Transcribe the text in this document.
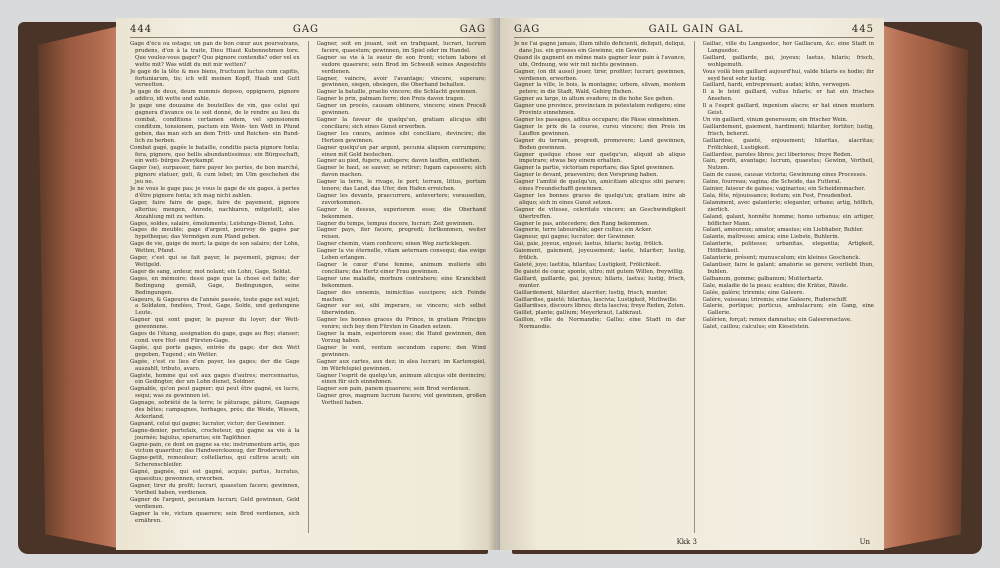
444	GAG	GAG

Gage d'écu ou ostage; un pan de bon cœur aux poursuivans, prudens, d'on à la traite, Dieu Hiaut Kubennehmen tore. Que voulez-vous gager? Quo pignore contendis? oder vel ex wette mit? Was wildt du mit mir wetten?

Je gage de la tête & mes biens, fructuum luctus cum capitis, fortuniarum, tis; ich will meinen Kopff, Haab und Gutt verwetten.

Je gage de deux, deum nummis deposo, oppignero, pignore addico, idi wette und zahle.

Je gage une douzaine de bouteilles de vin, que celui qui gagnera d'avance ou le soit donné, de le rendre au lieu du combat, conditions certamen edem, vel sponsionem conditum, tonsionem, pactum ein Wein- ten Wett in Pfund geben, das man sich an dem Tritt- und Reichen- ein Rund- lich zu herben.

Combat gagé, gagée le bataille, conditio pacta pignore fonta; fera, pignore, quo bellis abundantissimus; ein Bürgsschaft, ein wett- bürges Zweykampf.

Gager (se), surpasser, faire payer les pertes, de bon marché, pignore statuer, guti, & cum lebet; im Ulm geschehen die jeu ne.

Je ne vous le gage pas; je vous le gage de six gages, à pertes d'être pignore fonta; ich mag nicht zahlen.

Gager, faire faire de gage, faire de payement, pignore alterius; mengen, Anrede, nachbaren, mitgeteilt, also Anzahlung mit zu wetten.

Gages, soldes, salaire, émoluments; Leistungs-Dienst, Lohn.

Gages de meuble; gage d'argent, pourvoy de gages par hypotheque; das Vermögen zum Pfand geben.

Gage de vie, gaige de mort; la gaige de son salaire; der Lohn, Wetten, Pfand.

Gager, c'est qui se fait payer, le payement, pignus; der Wettgeld.

Gager de sang, ardeur, mot nolant; ein Lohn, Gage, Soldat.

Gages, en mémoire; dessi gage que la chose est faite; der Bedingung gemäß, Gage, Bedingungen, seine Bedingungen.

Gageurs, & Gageures de l'année passée, toute gage est sujet; a Soldaten, fondées, Trost, Gage, Solde, und gedungene Leute.

Gagner qui sont gager, le payeur du loyer; der Wett- gewonnene.

Gages de l'étang, assignation du gage, gage au Roy; stanser; cond. vere Hof- und Fürsten-Gage.

Gagée, qui porte gages, entrée du gage; der den Wett gegeben, Tugend ; ein Wetter.

Gagée, c'est ce lieu d'en payer, les gages; der die Gage auszahlt, tributo, avaro.

Gagiste, homme qui est aux gages d'autres; mercennarius, ein Gedingter, der um Lohn dienet, Soldner.

Gagnable, qu'on peut gagner; qui peut être gagné, ex lucro, sequi; was zu gewinnen ist.

Gagnage, sobriété de la terre; le pâturage, pâture, Gagnage des bêtes; campagnes, herbages, prés; die Weide, Wiesen, Ackerland.

Gagnant, celui qui gagne; lucrator, victor; der Gewinner.

Gagne-denier, portefaix, crocheteur, qui gagne sa vie à la journée; bajulus, operarius; ein Taglöhner.

Gagne-pain, ce dont on gagne sa vie; instrumentum artis, quo victum quaeritur; das Handwerckszeug, der Broderwerb.

Gagne-petit, remouleur; coltellarius, qui cultros acuit; ein Scherenschleifer.

Gagné, gagnée, qui est gagné, acquis; partus, lucratus, quaesitus; gewonnen, erworben.

Gagner, tirer du profit; lucrari, quaestum facere; gewinnen, Vortheil haben, verdienen.

Gagner de l'argent, pecuniam lucrari; Geld gewinnen, Geld verdienen.

Gagner la vie, victum quaerere; sein Brod verdienen, sich ernähren.

Gagner, soit en jouant, soit en trafiquant, lucrari, lucrum facere, quaestum; gewinnen, im Spiel oder im Handel.

Gagner sa vie à la sueur de son front; victum labore et sudore quaerere; sein Brod im Schweiß seines Angesichts verdienen.

Gagner, vaincre, avoir l'avantage; vincere, superare; gewinnen, siegen, obsiegen, die Oberhand behalten.

Gagner la bataille, praelio vincere; die Schlacht gewinnen.

Gagner le prix, palmam ferre; den Preis davon tragen.

Gagner un procès, causam obtinere, vincere; einen Proceß gewinnen.

Gagner la faveur de quelqu'un, gratiam alicujus sibi conciliare; sich eines Gunst erwerben.

Gagner les cœurs, animos sibi conciliare, devincire; die Hertzen gewinnen.

Gagner quelqu'un par argent, pecunia aliquem corrumpere; einen mit Geld bestechen.

Gagner au pied, fugere, aufugere; davon lauffen, entfliehen.

Gagner le haut, se sauver, se retirer; fugam capessere; sich davon machen.

Gagner la terre, le rivage, le port; terram, littus, portum tenere; das Land, das Ufer, den Hafen erreichen.

Gagner les devants, praecurrere, antevertere; vorauseilen, zuvorkommen.

Gagner le dessus, superiorem esse; die Oberhand bekommen.

Gagner du temps, tempus ducere, lucrari; Zeit gewinnen.

Gagner pays, iter facere, progredi; fortkommen, weiter reisen.

Gagner chemin, viam conficere; einen Weg zurücklegen.

Gagner la vie éternelle, vitam aeternam consequi; das ewige Leben erlangen.

Gagner le cœur d'une femme, animum mulieris sibi conciliare; das Hertz einer Frau gewinnen.

Gagner une maladie, morbum contrahere; eine Kranckheit bekommen.

Gagner des ennemis, inimicitias suscipere; sich Feinde machen.

Gagner sur soi, sibi imperare, se vincere; sich selbst überwinden.

Gagner les bonnes graces du Prince, in gratiam Principis venire; sich bey dem Fürsten in Gnaden setzen.

Gagner la main, superiorem esse; die Hand gewinnen, den Vorzug haben.

Gagner le vent, ventum secundum capere; den Wind gewinnen.

Gagner aux cartes, aux dez; in alea lucrari; im Kartenspiel, im Würfelspiel gewinnen.

Gagner l'esprit de quelqu'un, animum alicujus sibi devincire; einen für sich einnehmen.

Gagner son pain, panem quaerere; sein Brod verdienen.

Gagner gros, magnum lucrum facere; viel gewinnen, großen Vortheil haben.

GAG	GAIL GAIN GAL	445

Je ne l'ai gagné jamais, illum nihilo deficienti, deliquit, deliqui, dans Jus. ein grosses ein Gewinne, ein Gewinn.

Quand ils gagnent en même mais gagner leur pain à l'avance, ubi, Ordnung, wie wir mit nichts gewinnen.

Gagner, (on dit aussi) jouer, tirer, profiter; lucrari; gewinnen, verdienen, erwerben.

Gagner la ville, le bois, la montagne; urbem, silvam, montem petere; in die Stadt, Wald, Gebirg fliehen.

Gagner au large, in altum evadere; in die hohe See gehen.

Gagner une province, provinciam in potestatem redigere; eine Provintz einnehmen.

Gagner les passages, aditus occupare; die Pässe einnehmen.

Gagner le prix de la course, cursu vincere; den Preis im Lauffen gewinnen.

Gagner du terrain, progredi, promovere; Land gewinnen, Boden gewinnen.

Gagner quelque chose sur quelqu'un, aliquid ab aliquo impetrare; etwas bey einem erhalten.

Gagner la partie, victoriam reportare; das Spiel gewinnen.

Gagner le devant, praevenire; den Vorsprung haben.

Gagner l'amitié de quelqu'un, amicitiam alicujus sibi parare; eines Freundschafft gewinnen.

Gagner les bonnes graces de quelqu'un; gratiam inire ab aliquo; sich in eines Gunst setzen.

Gagner de vitesse, celeritate vincere; an Geschwindigkeit übertreffen.

Gagner le pas, antecedere; den Rang bekommen.

Gagnerie, terre labourable; ager cultus; ein Acker.

Gagneur, qui gagne; lucrator; der Gewinner.

Gai, gaie, joyeux, enjoué; laetus, hilaris; lustig, frölich.

Gaiement, gaiement, joyeusement; laete, hilariter; lustig, frölich.

Gaieté, joye; laetitia, hilaritas; Lustigkeit, Frölichkeit.

De gaieté de cœur, sponte, ultro; mit gutem Willen, freywillig.

Gaillard, gaillarde, gai, joyeux; hilaris, laetus; lustig, frisch, munter.

Gaillardement, hilariter, alacriter; lustig, frisch, munter.

Gaillardise, gaieté; hilaritas, lascivia; Lustigkeit, Muthwille.

Gaillardises, discours libres; dicta lasciva; freye Reden, Zoten.

Gaillet, plante; gallium; Meyerkraut, Labkraut.

Gaillon, ville de Normandie; Gallio; eine Stadt in der Normandie.

Gaillac, ville du Languedoc, hor Gaillacum, &c. eine Stadt in Languedoc.

Gaillard, gaillarde, gai, joyeux; laetus, hilaris; frisch, wohlgemuth.

Vous voilà bien gaillard aujourd'hui, valde hilaris es hodie; ihr seyd heut sehr lustig.

Gaillard, hardi, entreprenant; audax; kühn, verwegen.

Il a le teint gaillard, vultus hilaris; er hat ein frisches Ansehen.

Il a l'esprit gaillard, ingenium alacre; er hat einen muntern Geist.

Un vin gaillard, vinum generosum; ein frischer Wein.

Gaillardement, gaiement, hardiment; hilariter, fortiter; lustig, frisch, beherzt.

Gaillardise, gaieté, enjouement; hilaritas, alacritas; Frölichkeit, Lustigkeit.

Gaillardise, paroles libres; joci liberiores; freye Reden.

Gain, profit, avantage; lucrum, quaestus; Gewinn, Vortheil, Nutzen.

Gain de cause, causae victoria; Gewinnung eines Processes.

Gaine, fourreau; vagina; die Scheide, das Futteral.

Gainier, faiseur de gaines; vaginarius; ein Scheidenmacher.

Gala, fête, réjouissance; festum; ein Fest, Freudenfest.

Galamment, avec galanterie; eleganter, urbane; artig, höflich, zierlich.

Galand, galant, honnête homme; homo urbanus; ein artiger, höflicher Mann.

Galant, amoureux; amator, amasius; ein Liebhaber, Buhler.

Galante, maîtresse; amica; eine Liebste, Buhlerin.

Galanterie, politesse; urbanitas, elegantia; Artigkeit, Höflichkeit.

Galanterie, présent; munusculum; ein kleines Geschenck.

Galantiser, faire le galant; amatorie se gerere; verliebt thun, buhlen.

Galbanum, gomme; galbanum; Mutterhartz.

Gale, maladie de la peau; scabies; die Krätze, Räude.

Galée, galère; triremis; eine Galeere.

Galère, vaisseau; triremis; eine Galeere, Ruderschiff.

Galerie, portique; porticus, ambulacrum; ein Gang, eine Gallerie.

Galérien, forçat; remex damnatus; ein Galeerensclave.

Galet, caillou; calculus; ein Kieselstein.

Kkk 3	Un
